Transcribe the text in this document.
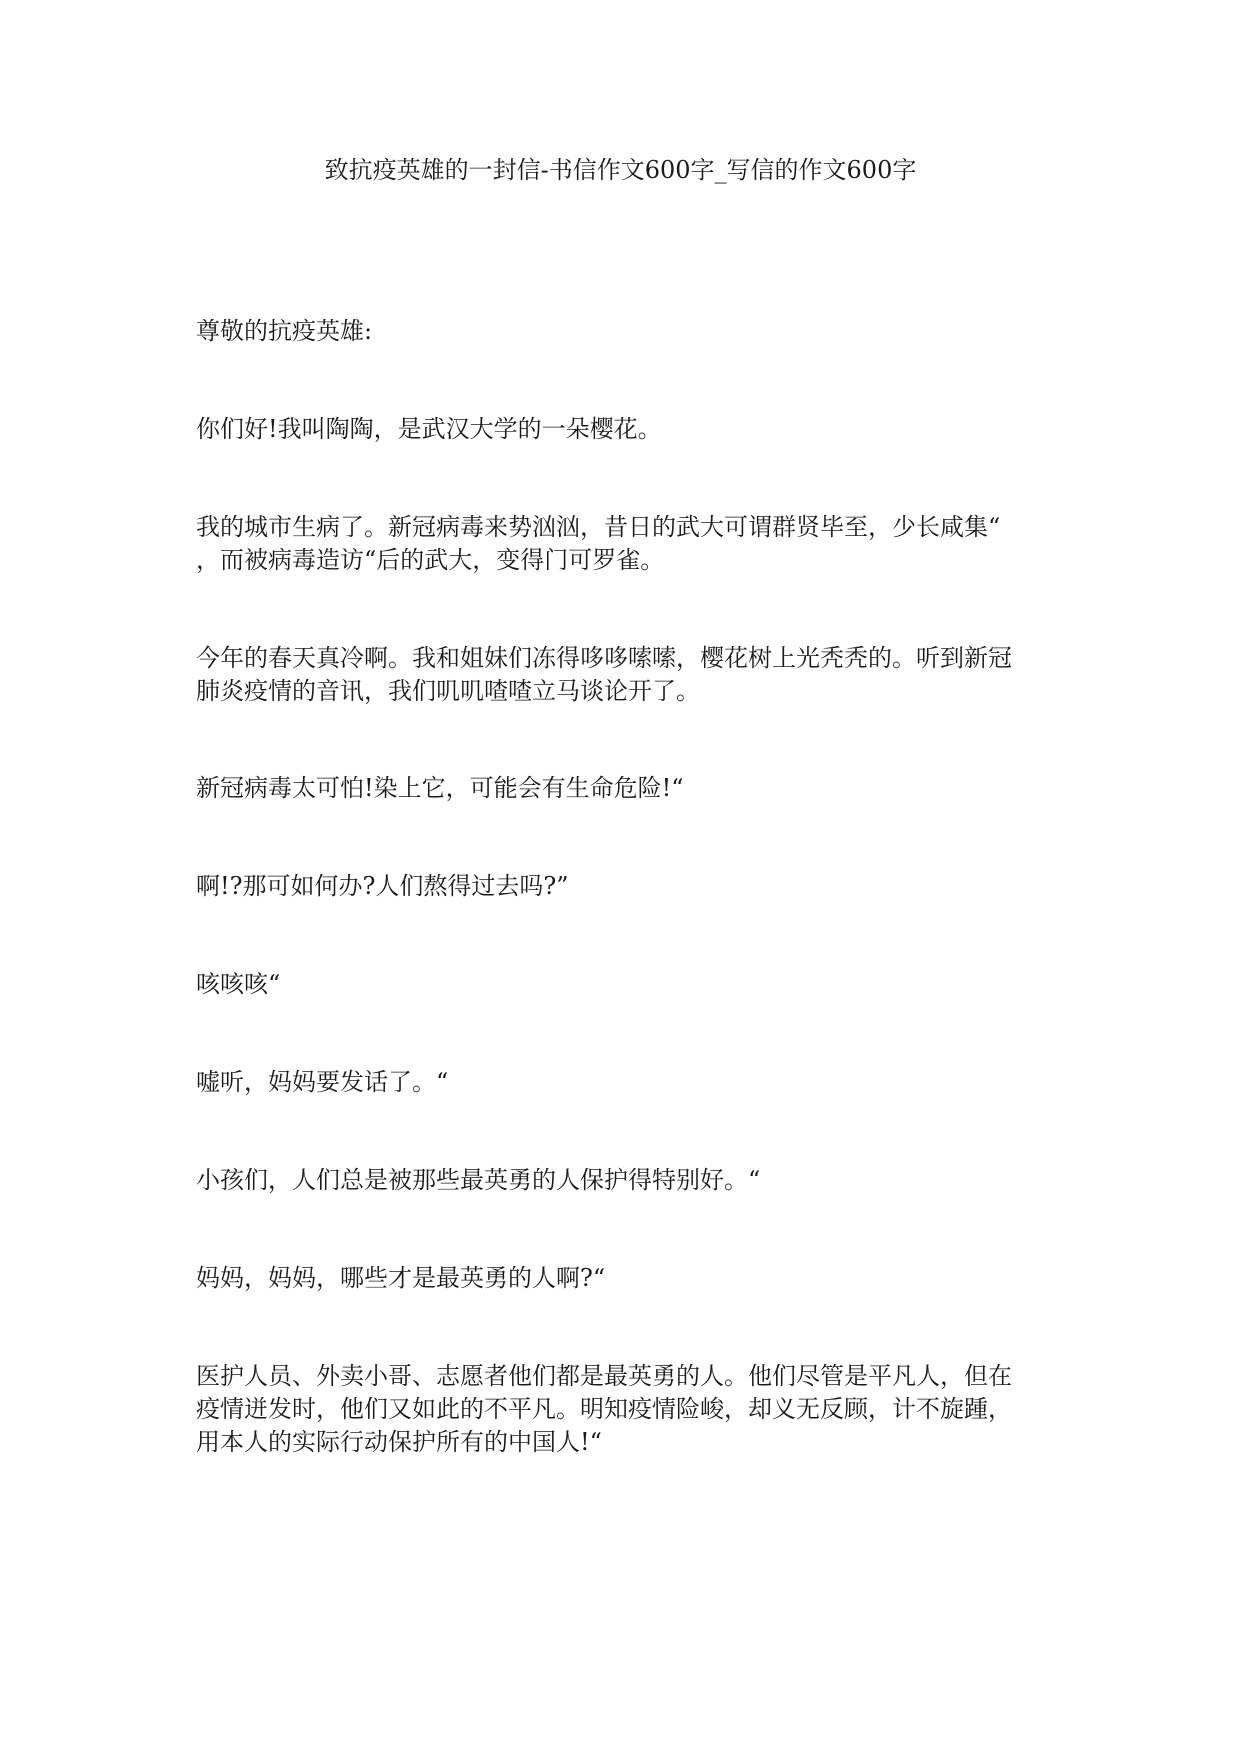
致抗疫英雄的一封信-书信作文600字_写信的作文600字

尊敬的抗疫英雄:

你们好!我叫陶陶，是武汉大学的一朵樱花。

我的城市生病了。新冠病毒来势汹汹，昔日的武大可谓群贤毕至，少长咸集“
，而被病毒造访“后的武大，变得门可罗雀。

今年的春天真冷啊。我和姐妹们冻得哆哆嗦嗦，樱花树上光秃秃的。听到新冠
肺炎疫情的音讯，我们叽叽喳喳立马谈论开了。

新冠病毒太可怕!染上它，可能会有生命危险!“

啊!?那可如何办?人们熬得过去吗?”

咳咳咳“

嘘听，妈妈要发话了。“

小孩们，人们总是被那些最英勇的人保护得特别好。“

妈妈，妈妈，哪些才是最英勇的人啊?“

医护人员、外卖小哥、志愿者他们都是最英勇的人。他们尽管是平凡人，但在
疫情迸发时，他们又如此的不平凡。明知疫情险峻，却义无反顾，计不旋踵，
用本人的实际行动保护所有的中国人!“
